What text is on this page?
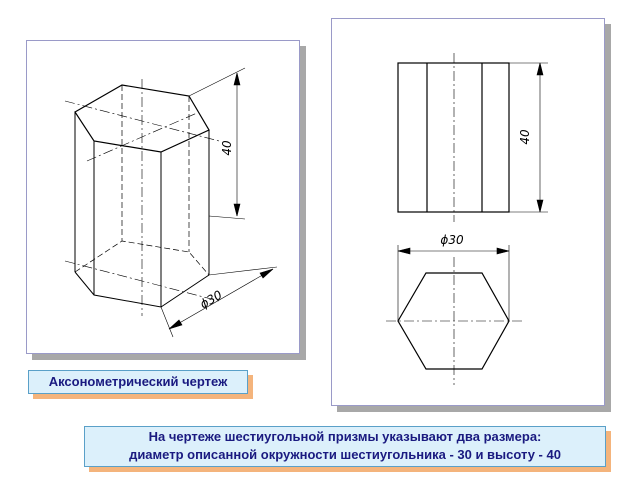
40
ϕ30
40
ϕ30
Аксонометрический чертеж
На чертеже шестиугольной призмы указывают два размера:
диаметр описанной окружности шестиугольника - 30 и высоту - 40
